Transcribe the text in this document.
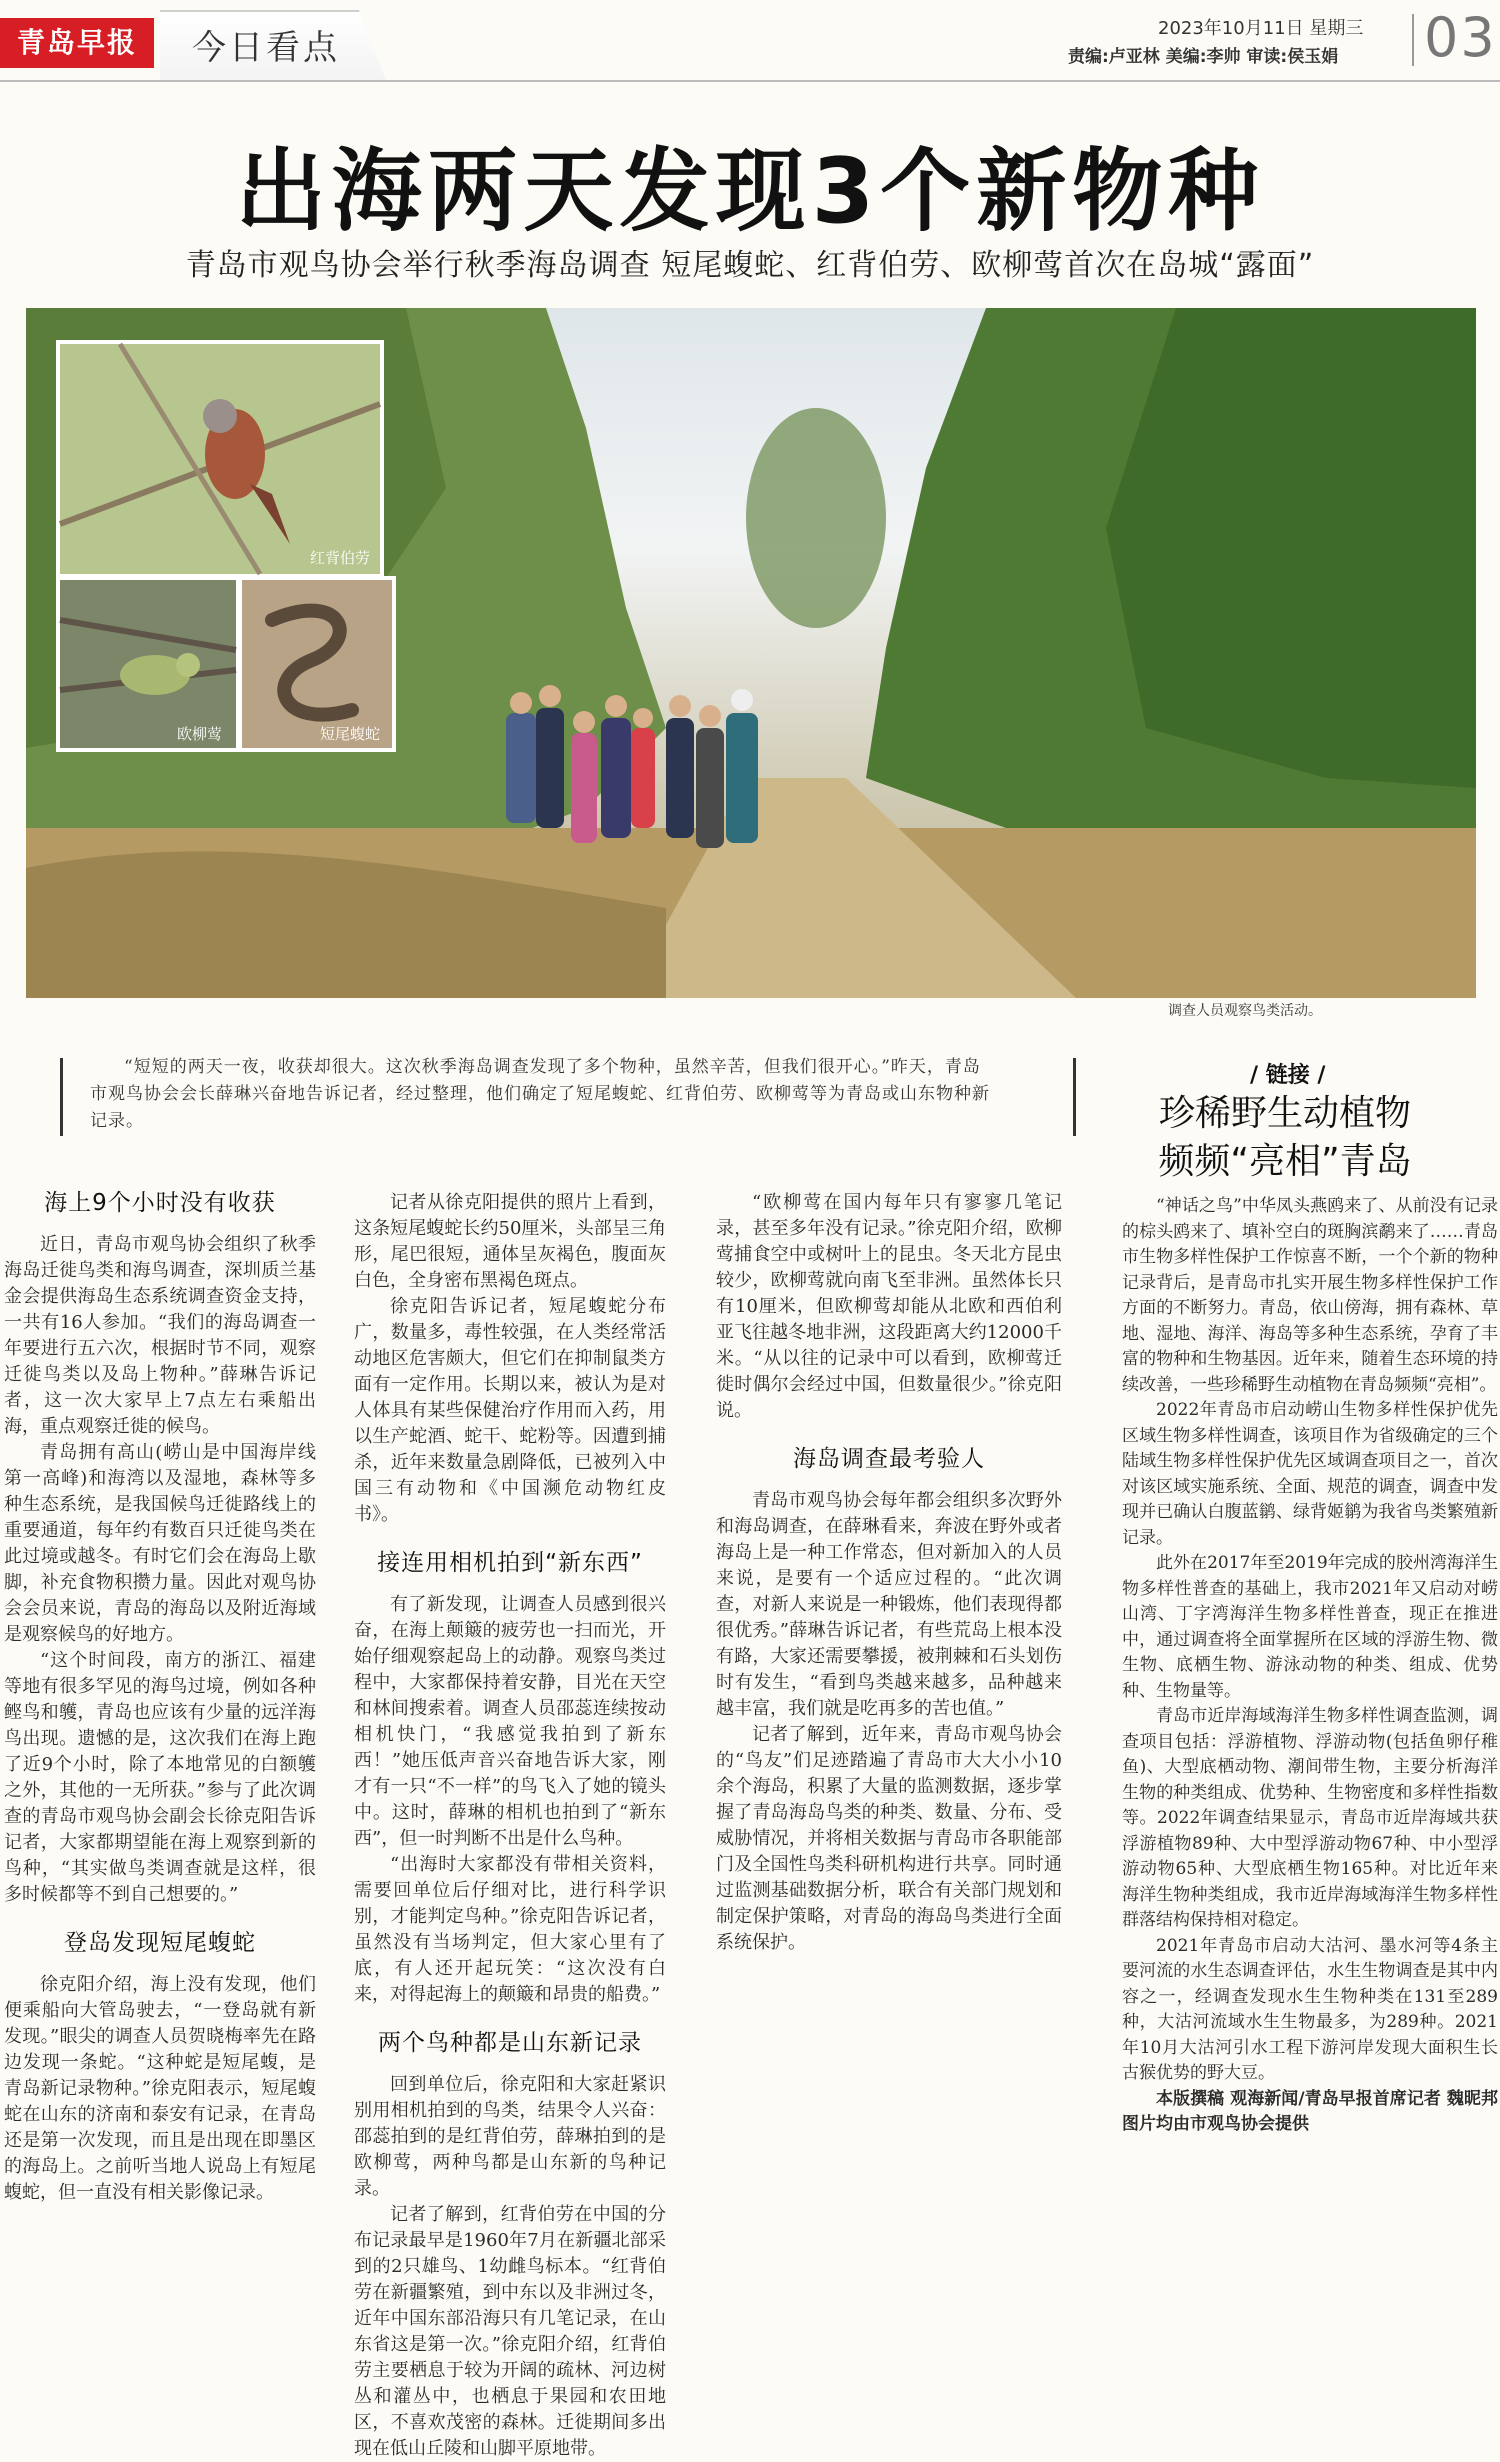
青岛早报	今日看点	2023年10月11日 星期三
责编:卢亚林 美编:李帅 审读:侯玉娟 03
出海两天发现3个新物种
青岛市观鸟协会举行秋季海岛调查 短尾蝮蛇、红背伯劳、欧柳莺首次在岛城“露面”
红背伯劳
欧柳莺	短尾蝮蛇
调查人员观察鸟类活动。
“短短的两天一夜，收获却很大。这次秋季海岛调查发现了多个物种，虽然辛苦，但我们很开心。”昨天，青岛市观鸟协会会长薛琳兴奋地告诉记者，经过整理，他们确定了短尾蝮蛇、红背伯劳、欧柳莺等为青岛或山东物种新记录。
/ 链接 /
珍稀野生动植物
频频“亮相”青岛
海上9个小时没有收获

近日，青岛市观鸟协会组织了秋季海岛迁徙鸟类和海鸟调查，深圳质兰基金会提供海岛生态系统调查资金支持，一共有16人参加。“我们的海岛调查一年要进行五六次，根据时节不同，观察迁徙鸟类以及岛上物种。”薛琳告诉记者，这一次大家早上7点左右乘船出海，重点观察迁徙的候鸟。

青岛拥有高山(崂山是中国海岸线第一高峰)和海湾以及湿地，森林等多种生态系统，是我国候鸟迁徙路线上的重要通道，每年约有数百只迁徙鸟类在此过境或越冬。有时它们会在海岛上歇脚，补充食物积攒力量。因此对观鸟协会会员来说，青岛的海岛以及附近海域是观察候鸟的好地方。

“这个时间段，南方的浙江、福建等地有很多罕见的海鸟过境，例如各种鲣鸟和鹱，青岛也应该有少量的远洋海鸟出现。遗憾的是，这次我们在海上跑了近9个小时，除了本地常见的白额鹱之外，其他的一无所获。”参与了此次调查的青岛市观鸟协会副会长徐克阳告诉记者，大家都期望能在海上观察到新的鸟种，“其实做鸟类调查就是这样，很多时候都等不到自己想要的。”

登岛发现短尾蝮蛇

徐克阳介绍，海上没有发现，他们便乘船向大管岛驶去，“一登岛就有新发现。”眼尖的调查人员贺晓梅率先在路边发现一条蛇。“这种蛇是短尾蝮，是青岛新记录物种。”徐克阳表示，短尾蝮蛇在山东的济南和泰安有记录，在青岛还是第一次发现，而且是出现在即墨区的海岛上。之前听当地人说岛上有短尾蝮蛇，但一直没有相关影像记录。

记者从徐克阳提供的照片上看到，这条短尾蝮蛇长约50厘米，头部呈三角形，尾巴很短，通体呈灰褐色，腹面灰白色，全身密布黑褐色斑点。

徐克阳告诉记者，短尾蝮蛇分布广，数量多，毒性较强，在人类经常活动地区危害颇大，但它们在抑制鼠类方面有一定作用。长期以来，被认为是对人体具有某些保健治疗作用而入药，用以生产蛇酒、蛇干、蛇粉等。因遭到捕杀，近年来数量急剧降低，已被列入中国三有动物和《中国濒危动物红皮书》。

接连用相机拍到“新东西”

有了新发现，让调查人员感到很兴奋，在海上颠簸的疲劳也一扫而光，开始仔细观察起岛上的动静。观察鸟类过程中，大家都保持着安静，目光在天空和林间搜索着。调查人员邵蕊连续按动相机快门，“我感觉我拍到了新东西！”她压低声音兴奋地告诉大家，刚才有一只“不一样”的鸟飞入了她的镜头中。这时，薛琳的相机也拍到了“新东西”，但一时判断不出是什么鸟种。

“出海时大家都没有带相关资料，需要回单位后仔细对比，进行科学识别，才能判定鸟种。”徐克阳告诉记者，虽然没有当场判定，但大家心里有了底，有人还开起玩笑：“这次没有白来，对得起海上的颠簸和昂贵的船费。”

两个鸟种都是山东新记录

回到单位后，徐克阳和大家赶紧识别用相机拍到的鸟类，结果令人兴奋：邵蕊拍到的是红背伯劳，薛琳拍到的是欧柳莺，两种鸟都是山东新的鸟种记录。

记者了解到，红背伯劳在中国的分布记录最早是1960年7月在新疆北部采到的2只雄鸟、1幼雌鸟标本。“红背伯劳在新疆繁殖，到中东以及非洲过冬，近年中国东部沿海只有几笔记录，在山东省这是第一次。”徐克阳介绍，红背伯劳主要栖息于较为开阔的疏林、河边树丛和灌丛中，也栖息于果园和农田地区，不喜欢茂密的森林。迁徙期间多出现在低山丘陵和山脚平原地带。

“欧柳莺在国内每年只有寥寥几笔记录，甚至多年没有记录。”徐克阳介绍，欧柳莺捕食空中或树叶上的昆虫。冬天北方昆虫较少，欧柳莺就向南飞至非洲。虽然体长只有10厘米，但欧柳莺却能从北欧和西伯利亚飞往越冬地非洲，这段距离大约12000千米。“从以往的记录中可以看到，欧柳莺迁徙时偶尔会经过中国，但数量很少。”徐克阳说。

海岛调查最考验人

青岛市观鸟协会每年都会组织多次野外和海岛调查，在薛琳看来，奔波在野外或者海岛上是一种工作常态，但对新加入的人员来说，是要有一个适应过程的。“此次调查，对新人来说是一种锻炼，他们表现得都很优秀。”薛琳告诉记者，有些荒岛上根本没有路，大家还需要攀援，被荆棘和石头划伤时有发生，“看到鸟类越来越多，品种越来越丰富，我们就是吃再多的苦也值。”

记者了解到，近年来，青岛市观鸟协会的“鸟友”们足迹踏遍了青岛市大大小小10余个海岛，积累了大量的监测数据，逐步掌握了青岛海岛鸟类的种类、数量、分布、受威胁情况，并将相关数据与青岛市各职能部门及全国性鸟类科研机构进行共享。同时通过监测基础数据分析，联合有关部门规划和制定保护策略，对青岛的海岛鸟类进行全面系统保护。

“神话之鸟”中华凤头燕鸥来了、从前没有记录的棕头鸥来了、填补空白的斑胸滨鹬来了……青岛市生物多样性保护工作惊喜不断，一个个新的物种记录背后，是青岛市扎实开展生物多样性保护工作方面的不断努力。青岛，依山傍海，拥有森林、草地、湿地、海洋、海岛等多种生态系统，孕育了丰富的物种和生物基因。近年来，随着生态环境的持续改善，一些珍稀野生动植物在青岛频频“亮相”。

2022年青岛市启动崂山生物多样性保护优先区域生物多样性调查，该项目作为省级确定的三个陆域生物多样性保护优先区域调查项目之一，首次对该区域实施系统、全面、规范的调查，调查中发现并已确认白腹蓝鹟、绿背姬鹟为我省鸟类繁殖新记录。

此外在2017年至2019年完成的胶州湾海洋生物多样性普查的基础上，我市2021年又启动对崂山湾、丁字湾海洋生物多样性普查，现正在推进中，通过调查将全面掌握所在区域的浮游生物、微生物、底栖生物、游泳动物的种类、组成、优势种、生物量等。

青岛市近岸海域海洋生物多样性调查监测，调查项目包括：浮游植物、浮游动物(包括鱼卵仔稚鱼)、大型底栖动物、潮间带生物，主要分析海洋生物的种类组成、优势种、生物密度和多样性指数等。2022年调查结果显示，青岛市近岸海域共获浮游植物89种、大中型浮游动物67种、中小型浮游动物65种、大型底栖生物165种。对比近年来海洋生物种类组成，我市近岸海域海洋生物多样性群落结构保持相对稳定。

2021年青岛市启动大沽河、墨水河等4条主要河流的水生态调查评估，水生生物调查是其中内容之一，经调查发现水生生物种类在131至289种，大沽河流域水生生物最多，为289种。2021年10月大沽河引水工程下游河岸发现大面积生长古猴优势的野大豆。

本版撰稿 观海新闻/青岛早报首席记者 魏昵邦 图片均由市观鸟协会提供
